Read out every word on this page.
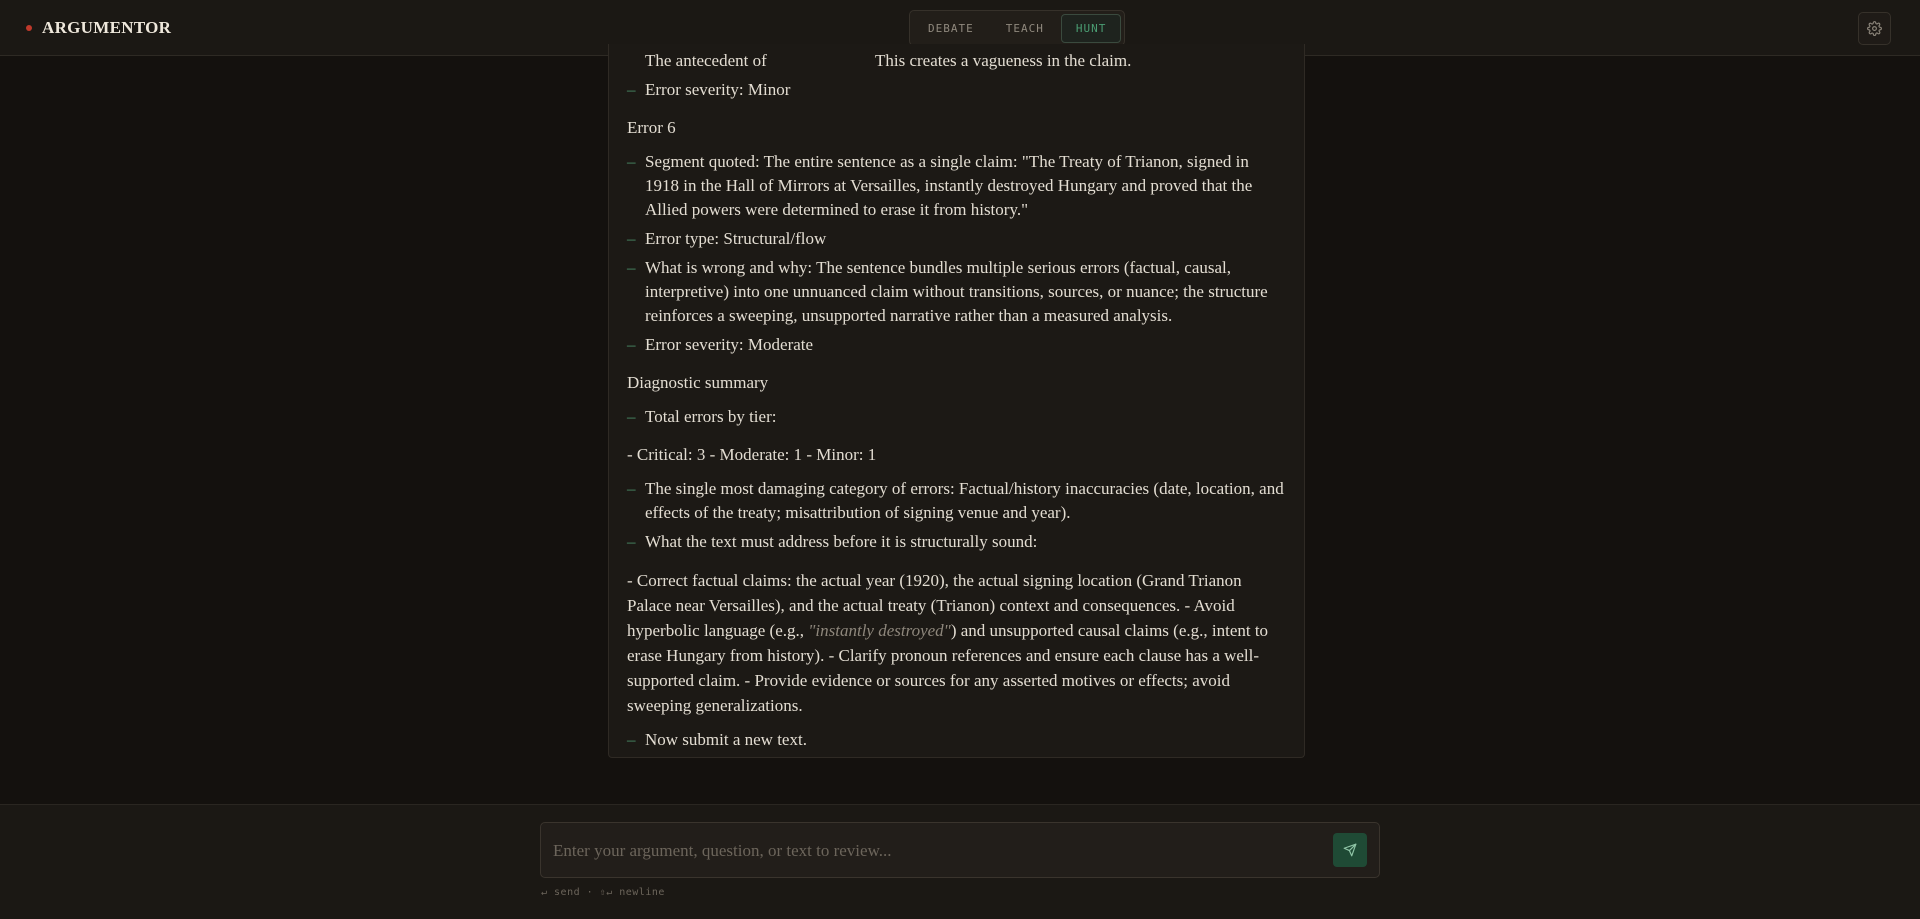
ARGUMENTOR	DEBATE	TEACH	HUNT
The antecedent of	This creates a vagueness in the claim.
– Error severity: Minor
Error 6
– Segment quoted: The entire sentence as a single claim: "The Treaty of Trianon, signed in 1918 in the Hall of Mirrors at Versailles, instantly destroyed Hungary and proved that the Allied powers were determined to erase it from history."
– Error type: Structural/flow
– What is wrong and why: The sentence bundles multiple serious errors (factual, causal, interpretive) into one unnuanced claim without transitions, sources, or nuance; the structure reinforces a sweeping, unsupported narrative rather than a measured analysis.
– Error severity: Moderate
Diagnostic summary
– Total errors by tier:
- Critical: 3 - Moderate: 1 - Minor: 1
– The single most damaging category of errors: Factual/history inaccuracies (date, location, and effects of the treaty; misattribution of signing venue and year).
– What the text must address before it is structurally sound:
- Correct factual claims: the actual year (1920), the actual signing location (Grand Trianon Palace near Versailles), and the actual treaty (Trianon) context and consequences. - Avoid hyperbolic language (e.g., "instantly destroyed") and unsupported causal claims (e.g., intent to erase Hungary from history). - Clarify pronoun references and ensure each clause has a well-supported claim. - Provide evidence or sources for any asserted motives or effects; avoid sweeping generalizations.
– Now submit a new text.
Enter your argument, question, or text to review...
↵ send · ⇧↵ newline
